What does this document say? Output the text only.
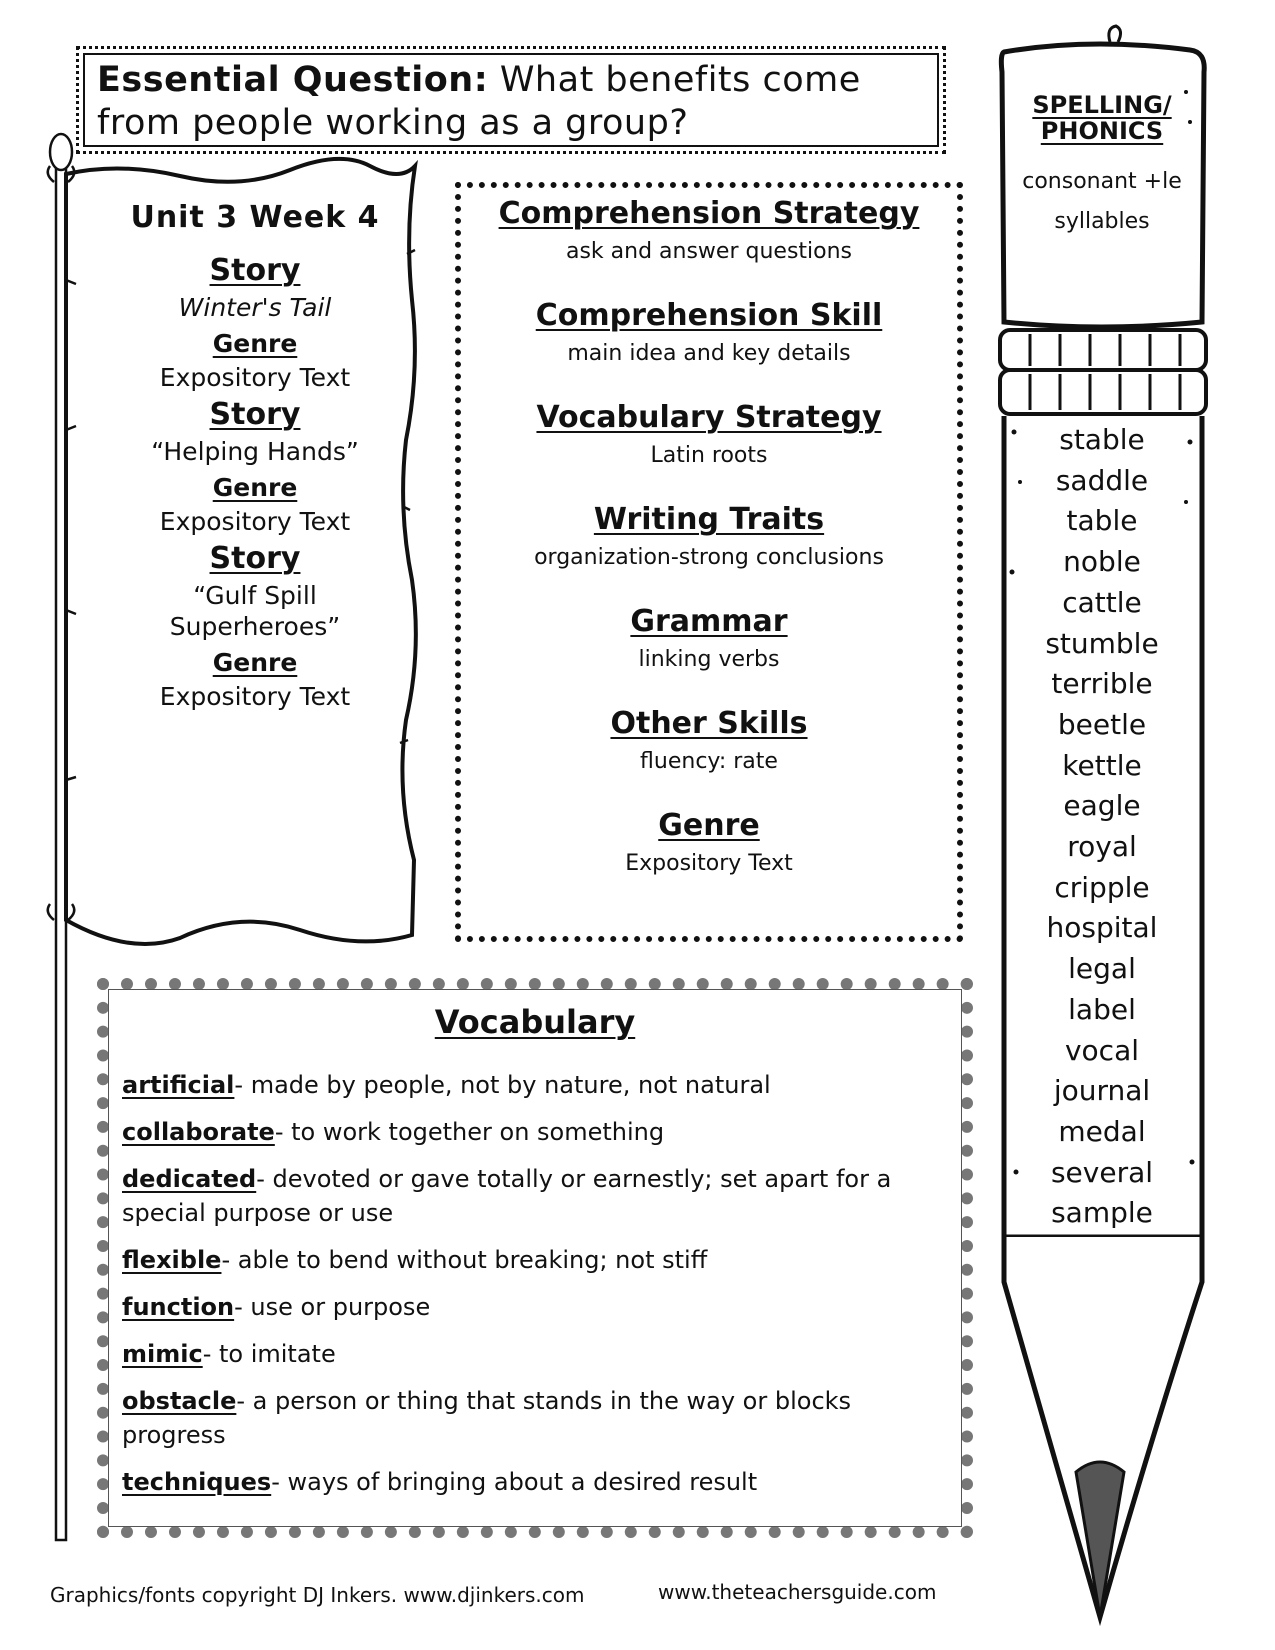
Essential Question: What benefits come from people working as a group?
Unit 3 Week 4
Story
Winter's Tail
Genre
Expository Text
Story
“Helping Hands”
Genre
Expository Text
Story
“Gulf Spill Superheroes”
Genre
Expository Text
Comprehension Strategy
ask and answer questions
Comprehension Skill
main idea and key details
Vocabulary Strategy
Latin roots
Writing Traits
organization-strong conclusions
Grammar
linking verbs
Other Skills
fluency: rate
Genre
Expository Text
Vocabulary
artificial- made by people, not by nature, not natural
collaborate- to work together on something
dedicated- devoted or gave totally or earnestly; set apart for a special purpose or use
flexible- able to bend without breaking; not stiff
function- use or purpose
mimic- to imitate
obstacle- a person or thing that stands in the way or blocks progress
techniques- ways of bringing about a desired result
SPELLING/
PHONICS
consonant +le
syllables
stable
saddle
table
noble
cattle
stumble
terrible
beetle
kettle
eagle
royal
cripple
hospital
legal
label
vocal
journal
medal
several
sample
Graphics/fonts copyright DJ Inkers. www.djinkers.com	www.theteachersguide.com
